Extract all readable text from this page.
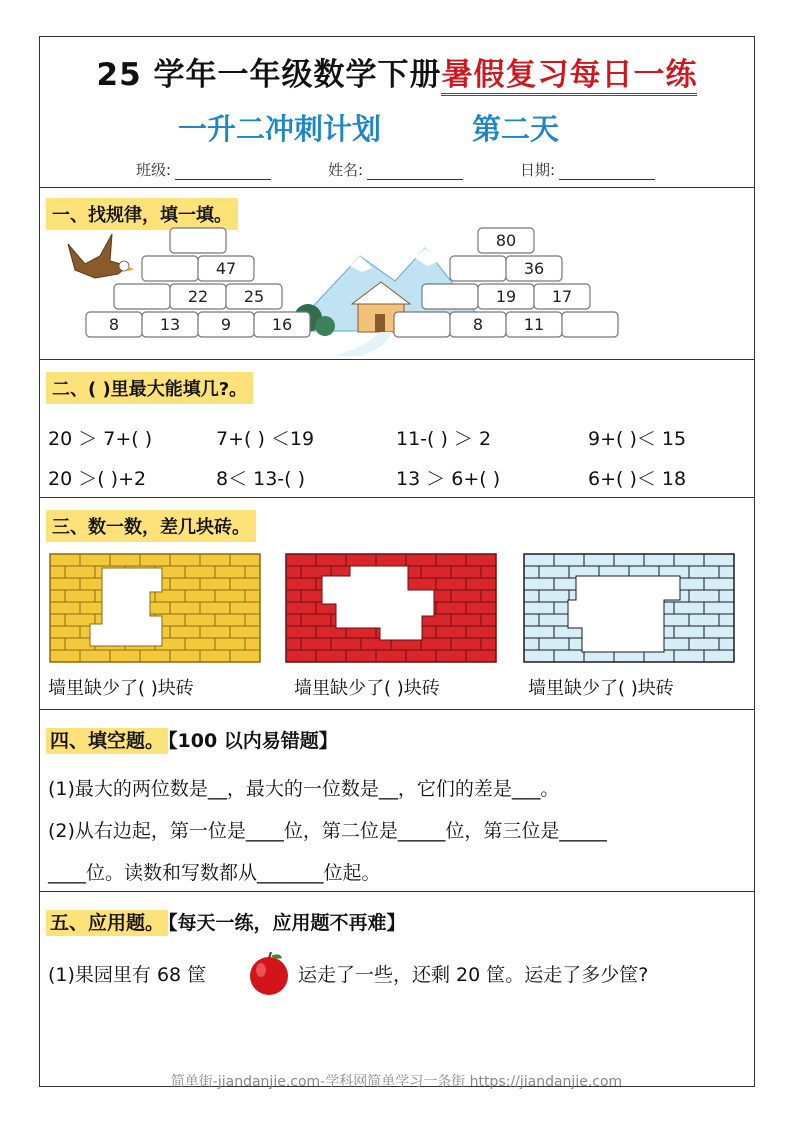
25 学年一年级数学下册暑假复习每日一练
一升二冲刺计划	第二天
班级:	姓名:	日期:
一、找规律，填一填。
47
22 25
8	13	9	16
80
36
19 17
8	11
二、( )里最大能填几?。
20 ＞ 7+( )	7+( ) ＜19	11-( ) ＞ 2	9+( )＜ 15
20 ＞( )+2	8＜ 13-( )	13 ＞ 6+( )	6+( )＜ 18
三、数一数，差几块砖。
墙里缺少了( )块砖	墙里缺少了( )块砖	墙里缺少了( )块砖
四、填空题。 【100 以内易错题】
(1)最大的两位数是__，最大的一位数是__，它们的差是___。
(2)从右边起，第一位是____位，第二位是_____位，第三位是_____
____位。读数和写数都从_______位起。
五、应用题。 【每天一练，应用题不再难】
(1)果园里有 68 筐	运走了一些，还剩 20 筐。运走了多少筐?
简单街-jiandanjie.com-学科网简单学习一条街 https://jiandanjie.com
